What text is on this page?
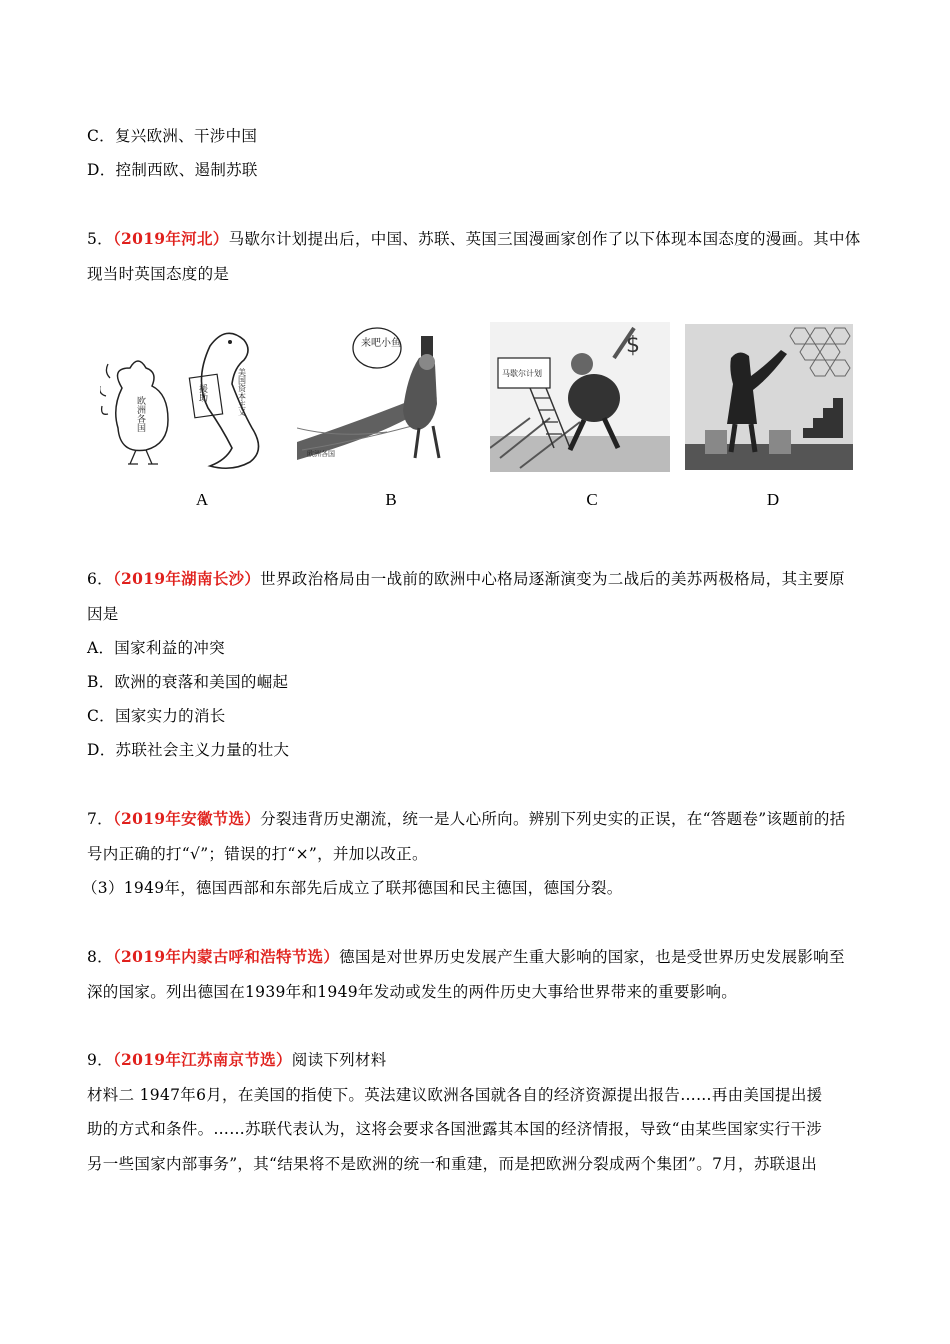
C．复兴欧洲、干涉中国
D．控制西欧、遏制苏联
5．（2019年河北）马歇尔计划提出后，中国、苏联、英国三国漫画家创作了以下体现本国态度的漫画。其中体
现当时英国态度的是
欧洲各国	美国资本主义
援助
来吧小鱼
欧洲各国
马歇尔计划
$
A	B	C	D
6．（2019年湖南长沙）世界政治格局由一战前的欧洲中心格局逐渐演变为二战后的美苏两极格局，其主要原
因是
A．国家利益的冲突
B．欧洲的衰落和美国的崛起
C．国家实力的消长
D．苏联社会主义力量的壮大
7．（2019年安徽节选）分裂违背历史潮流，统一是人心所向。辨别下列史实的正误，在“答题卷”该题前的括
号内正确的打“√”；错误的打“×”，并加以改正。
（3）1949年，德国西部和东部先后成立了联邦德国和民主德国，德国分裂。
8．（2019年内蒙古呼和浩特节选）德国是对世界历史发展产生重大影响的国家，也是受世界历史发展影响至
深的国家。列出德国在1939年和1949年发动或发生的两件历史大事给世界带来的重要影响。
9．（2019年江苏南京节选）阅读下列材料
材料二 1947年6月，在美国的指使下。英法建议欧洲各国就各自的经济资源提出报告……再由美国提出援
助的方式和条件。……苏联代表认为，这将会要求各国泄露其本国的经济情报，导致“由某些国家实行干涉
另一些国家内部事务”，其“结果将不是欧洲的统一和重建，而是把欧洲分裂成两个集团”。7月，苏联退出
